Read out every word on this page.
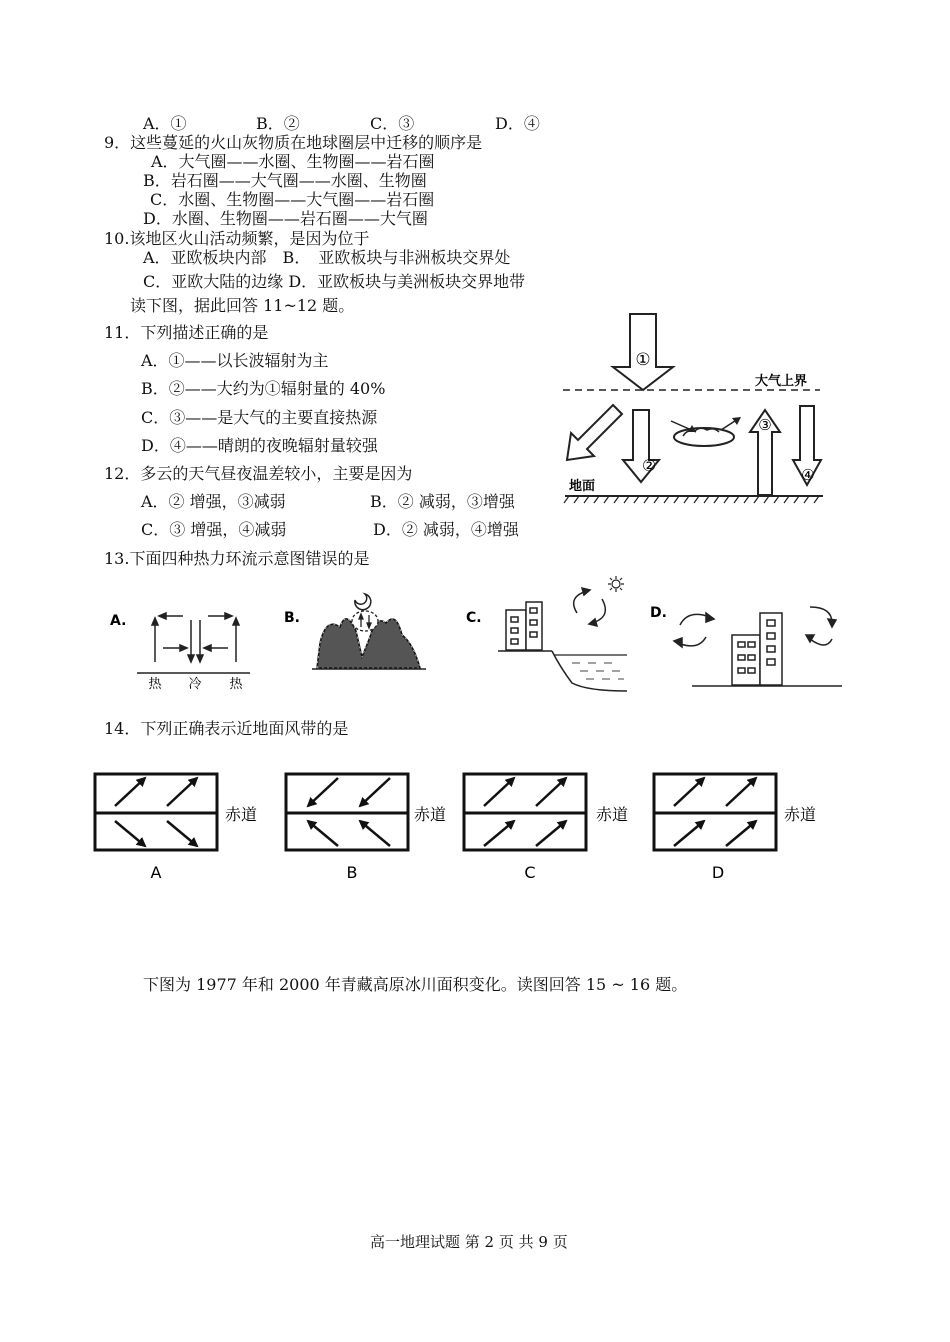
A．①	B．②	C．③	D．④
9．这些蔓延的火山灰物质在地球圈层中迁移的顺序是
A．大气圈——水圈、生物圈——岩石圈
B．岩石圈——大气圈——水圈、生物圈
C．水圈、生物圈——大气圈——岩石圈
D．水圈、生物圈——岩石圈——大气圈
10.该地区火山活动频繁，是因为位于
A．亚欧板块内部　B．　亚欧板块与非洲板块交界处
C．亚欧大陆的边缘 D．亚欧板块与美洲板块交界地带
读下图，据此回答 11~12 题。
11．下列描述正确的是
A．①——以长波辐射为主
B．②——大约为①辐射量的 40%
C．③——是大气的主要直接热源
D．④——晴朗的夜晚辐射量较强
①
大气上界
②
③
④
地面
12．多云的天气昼夜温差较小，主要是因为
A．② 增强，③减弱	B．② 减弱，③增强
C．③ 增强，④减弱	D．② 减弱，④增强
13.下面四种热力环流示意图错误的是
A.
热 冷 热
B.	C.	D.
14．下列正确表示近地面风带的是
赤道
A
赤道
B
赤道
C
赤道
D
下图为 1977 年和 2000 年青藏高原冰川面积变化。读图回答 15 ~ 16 题。
高一地理试题 第 2 页 共 9 页
